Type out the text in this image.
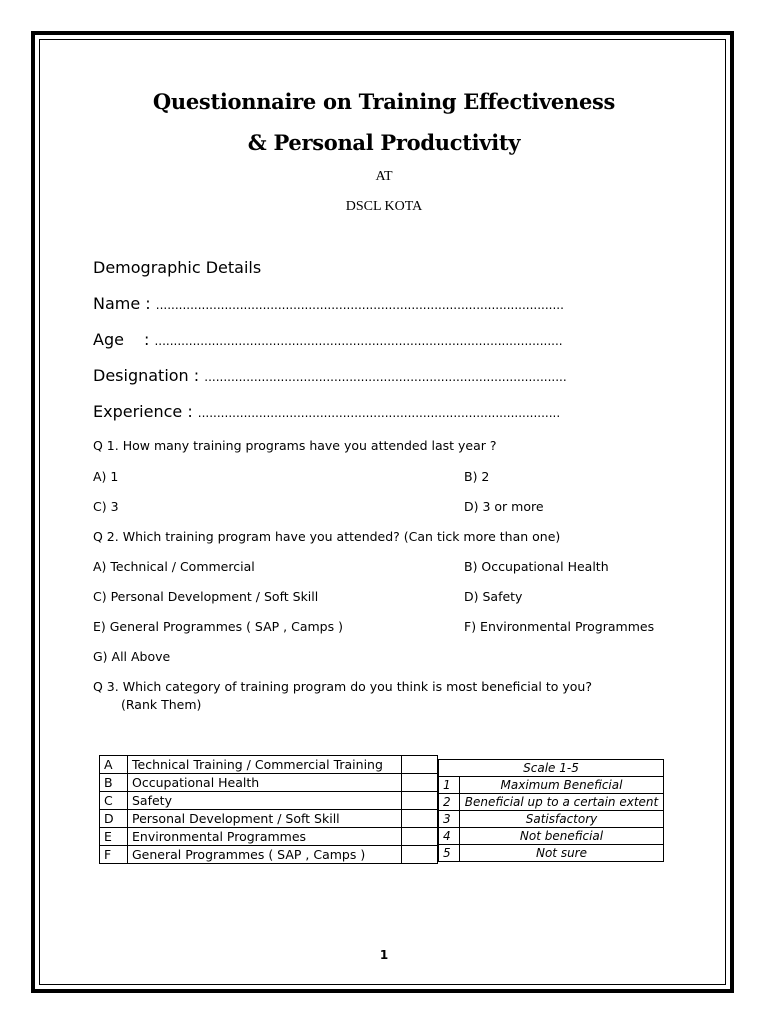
Questionnaire on Training Effectiveness
& Personal Productivity
AT
DSCL KOTA
Demographic Details
Name : ...........................................................................................................
Age : ...........................................................................................................
Designation : ...............................................................................................
Experience : ...............................................................................................
Q 1. How many training programs have you attended last year ?
A) 1	B) 2
C) 3	D) 3 or more
Q 2. Which training program have you attended? (Can tick more than one)
A) Technical / Commercial	B) Occupational Health
C) Personal Development / Soft Skill	D) Safety
E) General Programmes ( SAP , Camps )	F) Environmental Programmes
G) All Above
Q 3. Which category of training program do you think is most beneficial to you?
(Rank Them)
A	Technical Training / Commercial Training	
B	Occupational Health	
C	Safety	
D	Personal Development / Soft Skill	
E	Environmental Programmes	
F	General Programmes ( SAP , Camps )	
Scale 1-5	
1	Maximum Beneficial
2	Beneficial up to a certain extent
3	Satisfactory
4	Not beneficial
5	Not sure
1
